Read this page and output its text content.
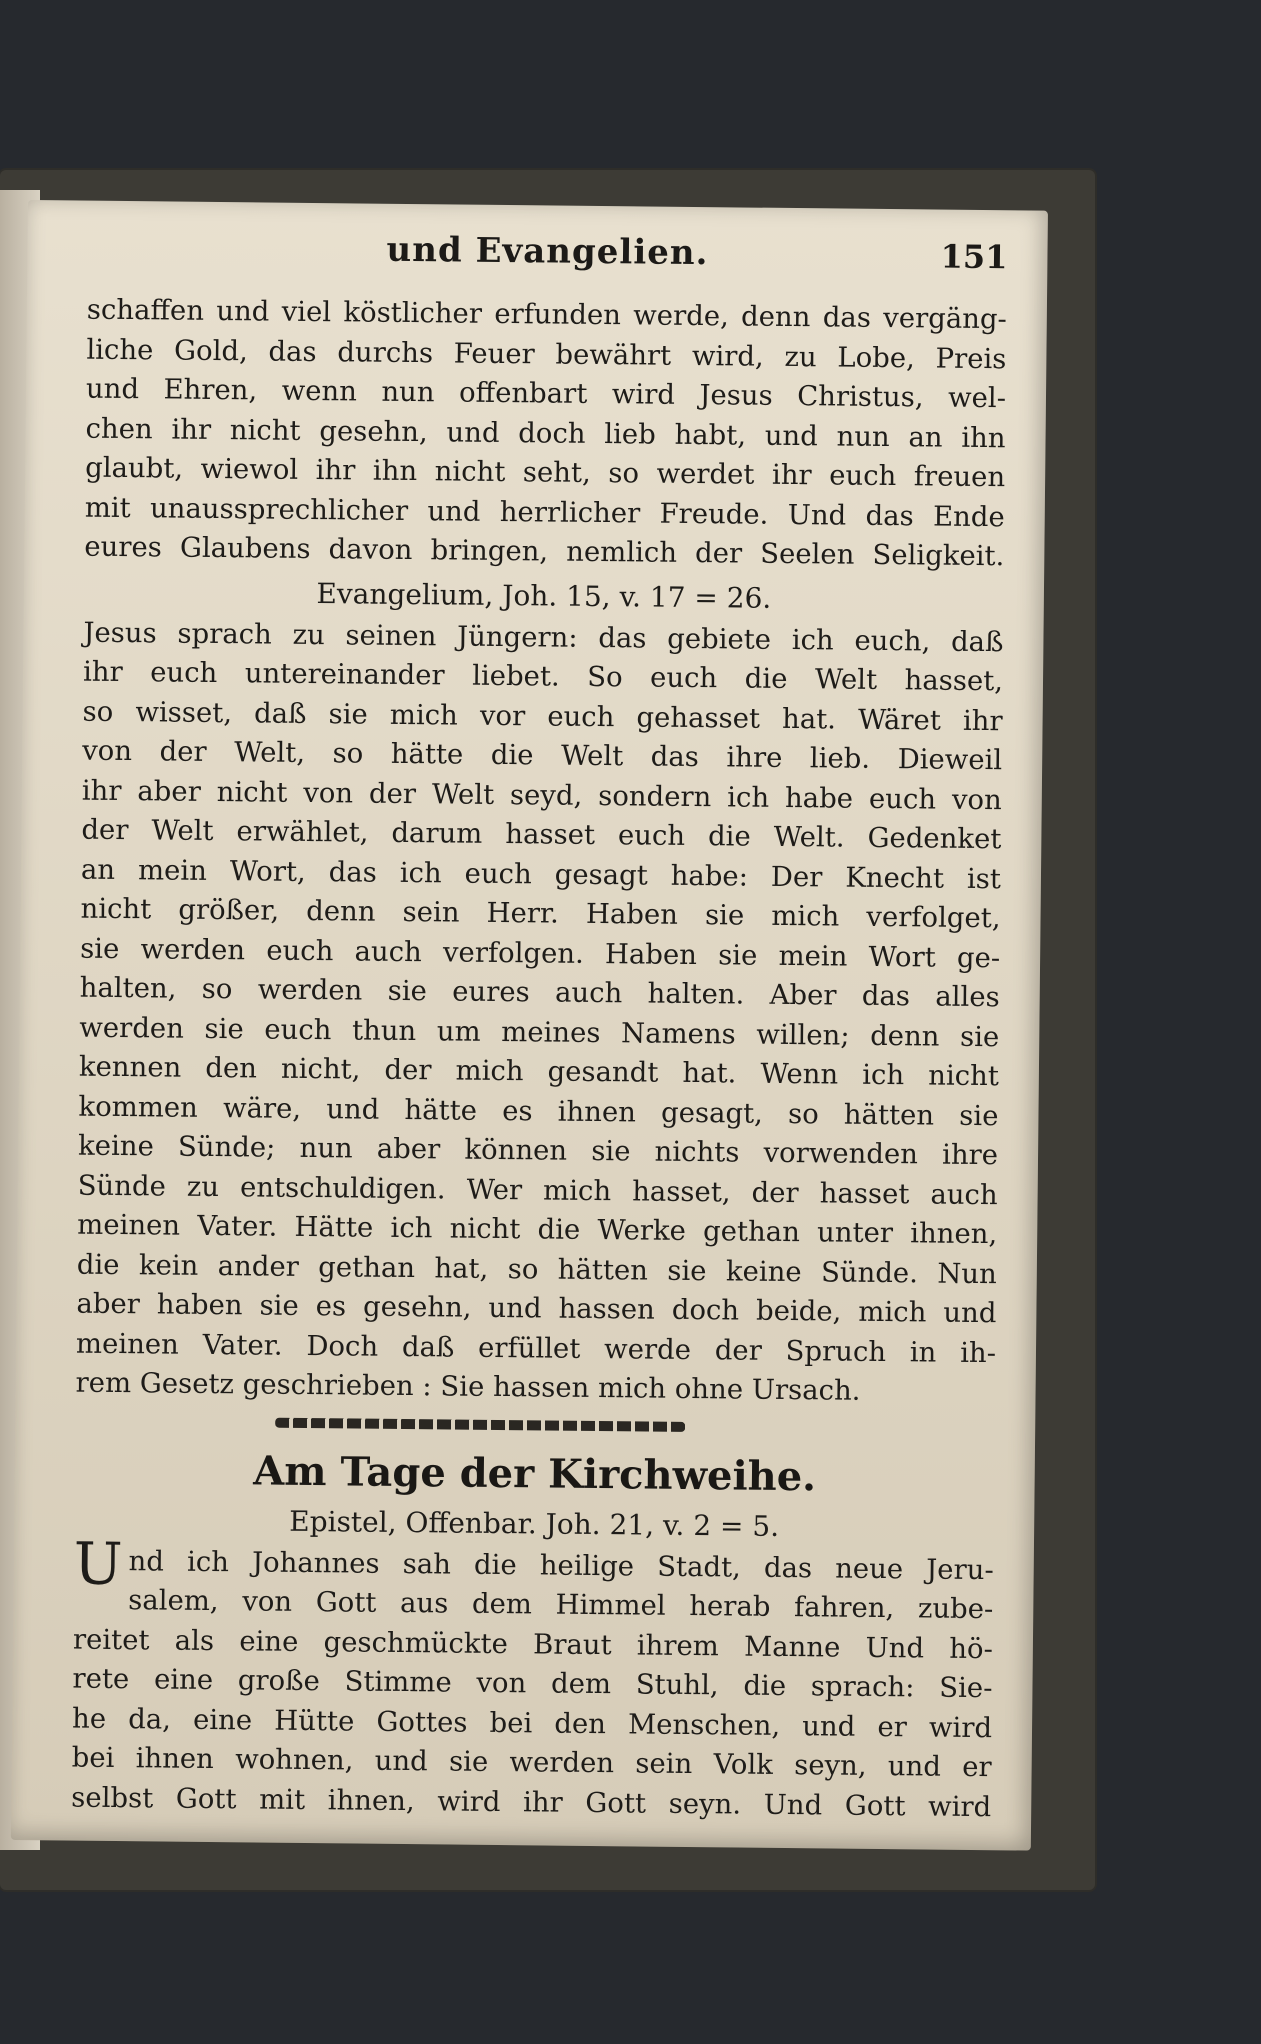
und Evangelien.	151
schaffen und viel köstlicher erfunden werde, denn das vergäng-
liche Gold, das durchs Feuer bewährt wird, zu Lobe, Preis
und Ehren, wenn nun offenbart wird Jesus Christus, wel-
chen ihr nicht gesehn, und doch lieb habt, und nun an ihn
glaubt, wiewol ihr ihn nicht seht, so werdet ihr euch freuen
mit unaussprechlicher und herrlicher Freude. Und das Ende
eures Glaubens davon bringen, nemlich der Seelen Seligkeit.
Evangelium, Joh. 15, v. 17 = 26.
Jesus sprach zu seinen Jüngern: das gebiete ich euch, daß
ihr euch untereinander liebet. So euch die Welt hasset,
so wisset, daß sie mich vor euch gehasset hat. Wäret ihr
von der Welt, so hätte die Welt das ihre lieb. Dieweil
ihr aber nicht von der Welt seyd, sondern ich habe euch von
der Welt erwählet, darum hasset euch die Welt. Gedenket
an mein Wort, das ich euch gesagt habe: Der Knecht ist
nicht größer, denn sein Herr. Haben sie mich verfolget,
sie werden euch auch verfolgen. Haben sie mein Wort ge-
halten, so werden sie eures auch halten. Aber das alles
werden sie euch thun um meines Namens willen; denn sie
kennen den nicht, der mich gesandt hat. Wenn ich nicht
kommen wäre, und hätte es ihnen gesagt, so hätten sie
keine Sünde; nun aber können sie nichts vorwenden ihre
Sünde zu entschuldigen. Wer mich hasset, der hasset auch
meinen Vater. Hätte ich nicht die Werke gethan unter ihnen,
die kein ander gethan hat, so hätten sie keine Sünde. Nun
aber haben sie es gesehn, und hassen doch beide, mich und
meinen Vater. Doch daß erfüllet werde der Spruch in ih-
rem Gesetz geschrieben : Sie hassen mich ohne Ursach.
Am Tage der Kirchweihe.
Epistel, Offenbar. Joh. 21, v. 2 = 5.
U nd ich Johannes sah die heilige Stadt, das neue Jeru-
salem, von Gott aus dem Himmel herab fahren, zube-
reitet als eine geschmückte Braut ihrem Manne Und hö-
rete eine große Stimme von dem Stuhl, die sprach: Sie-
he da, eine Hütte Gottes bei den Menschen, und er wird
bei ihnen wohnen, und sie werden sein Volk seyn, und er
selbst Gott mit ihnen, wird ihr Gott seyn. Und Gott wird
